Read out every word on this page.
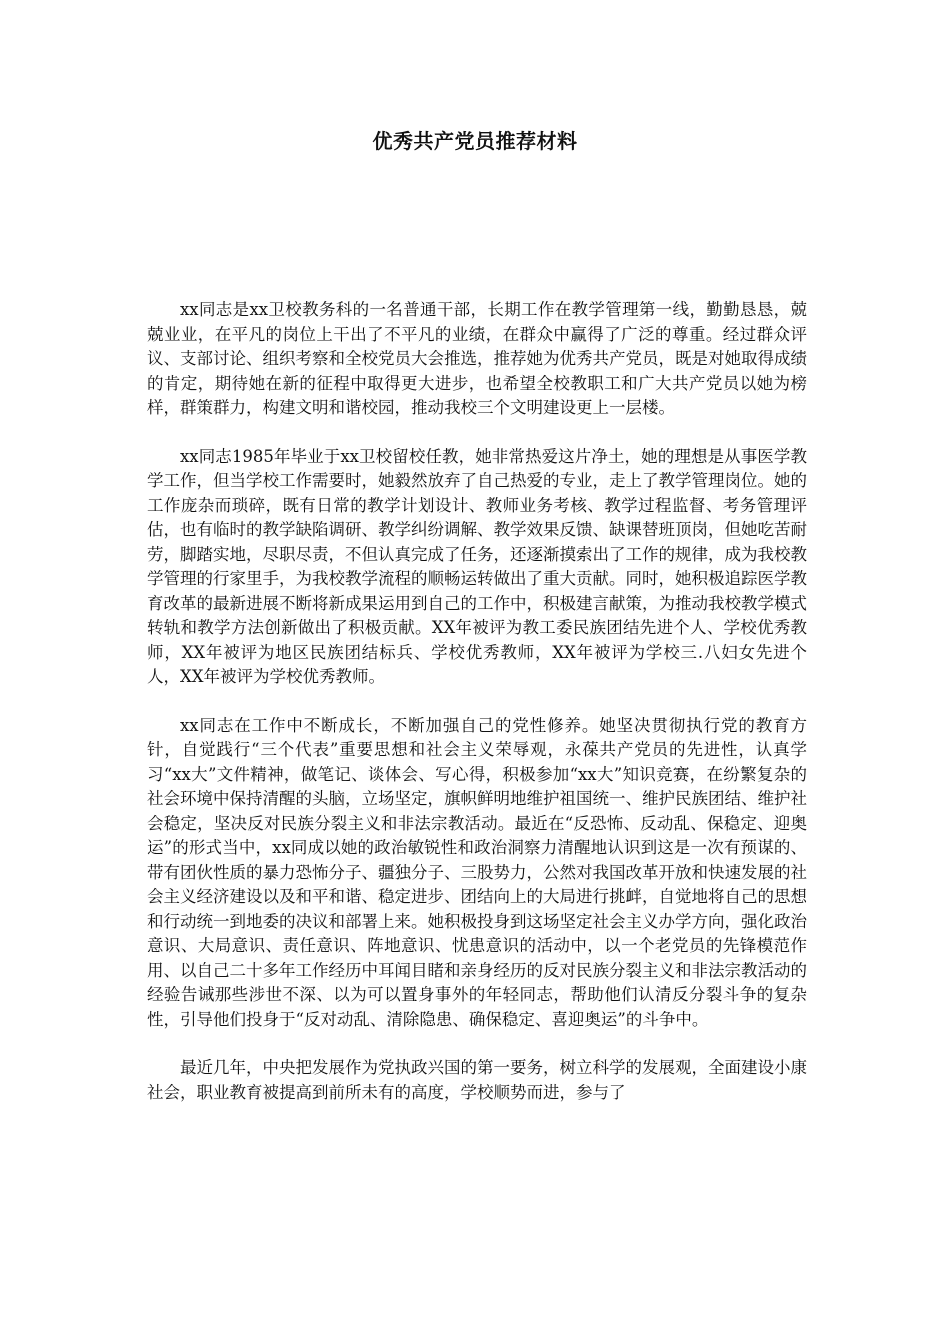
优秀共产党员推荐材料

xx同志是xx卫校教务科的一名普通干部，长期工作在教学管理第一线，勤勤恳恳，兢兢业业，在平凡的岗位上干出了不平凡的业绩，在群众中赢得了广泛的尊重。经过群众评议、支部讨论、组织考察和全校党员大会推选，推荐她为优秀共产党员，既是对她取得成绩的肯定，期待她在新的征程中取得更大进步，也希望全校教职工和广大共产党员以她为榜样，群策群力，构建文明和谐校园，推动我校三个文明建设更上一层楼。

xx同志1985年毕业于xx卫校留校任教，她非常热爱这片净土，她的理想是从事医学教学工作，但当学校工作需要时，她毅然放弃了自己热爱的专业，走上了教学管理岗位。她的工作庞杂而琐碎，既有日常的教学计划设计、教师业务考核、教学过程监督、考务管理评估，也有临时的教学缺陷调研、教学纠纷调解、教学效果反馈、缺课替班顶岗，但她吃苦耐劳，脚踏实地，尽职尽责，不但认真完成了任务，还逐渐摸索出了工作的规律，成为我校教学管理的行家里手，为我校教学流程的顺畅运转做出了重大贡献。同时，她积极追踪医学教育改革的最新进展不断将新成果运用到自己的工作中，积极建言献策，为推动我校教学模式转轨和教学方法创新做出了积极贡献。XX年被评为教工委民族团结先进个人、学校优秀教师，XX年被评为地区民族团结标兵、学校优秀教师，XX年被评为学校三.八妇女先进个人，XX年被评为学校优秀教师。

xx同志在工作中不断成长，不断加强自己的党性修养。她坚决贯彻执行党的教育方针，自觉践行“三个代表”重要思想和社会主义荣辱观，永葆共产党员的先进性，认真学习“xx大”文件精神，做笔记、谈体会、写心得，积极参加“xx大”知识竞赛，在纷繁复杂的社会环境中保持清醒的头脑，立场坚定，旗帜鲜明地维护祖国统一、维护民族团结、维护社会稳定，坚决反对民族分裂主义和非法宗教活动。最近在“反恐怖、反动乱、保稳定、迎奥运”的形式当中，xx同成以她的政治敏锐性和政治洞察力清醒地认识到这是一次有预谋的、带有团伙性质的暴力恐怖分子、疆独分子、三股势力，公然对我国改革开放和快速发展的社会主义经济建设以及和平和谐、稳定进步、团结向上的大局进行挑衅，自觉地将自己的思想和行动统一到地委的决议和部署上来。她积极投身到这场坚定社会主义办学方向，强化政治意识、大局意识、责任意识、阵地意识、忧患意识的活动中，以一个老党员的先锋模范作用、以自己二十多年工作经历中耳闻目睹和亲身经历的反对民族分裂主义和非法宗教活动的经验告诫那些涉世不深、以为可以置身事外的年轻同志，帮助他们认清反分裂斗争的复杂性，引导他们投身于“反对动乱、清除隐患、确保稳定、喜迎奥运”的斗争中。

最近几年，中央把发展作为党执政兴国的第一要务，树立科学的发展观，全面建设小康社会，职业教育被提高到前所未有的高度，学校顺势而进，参与了
